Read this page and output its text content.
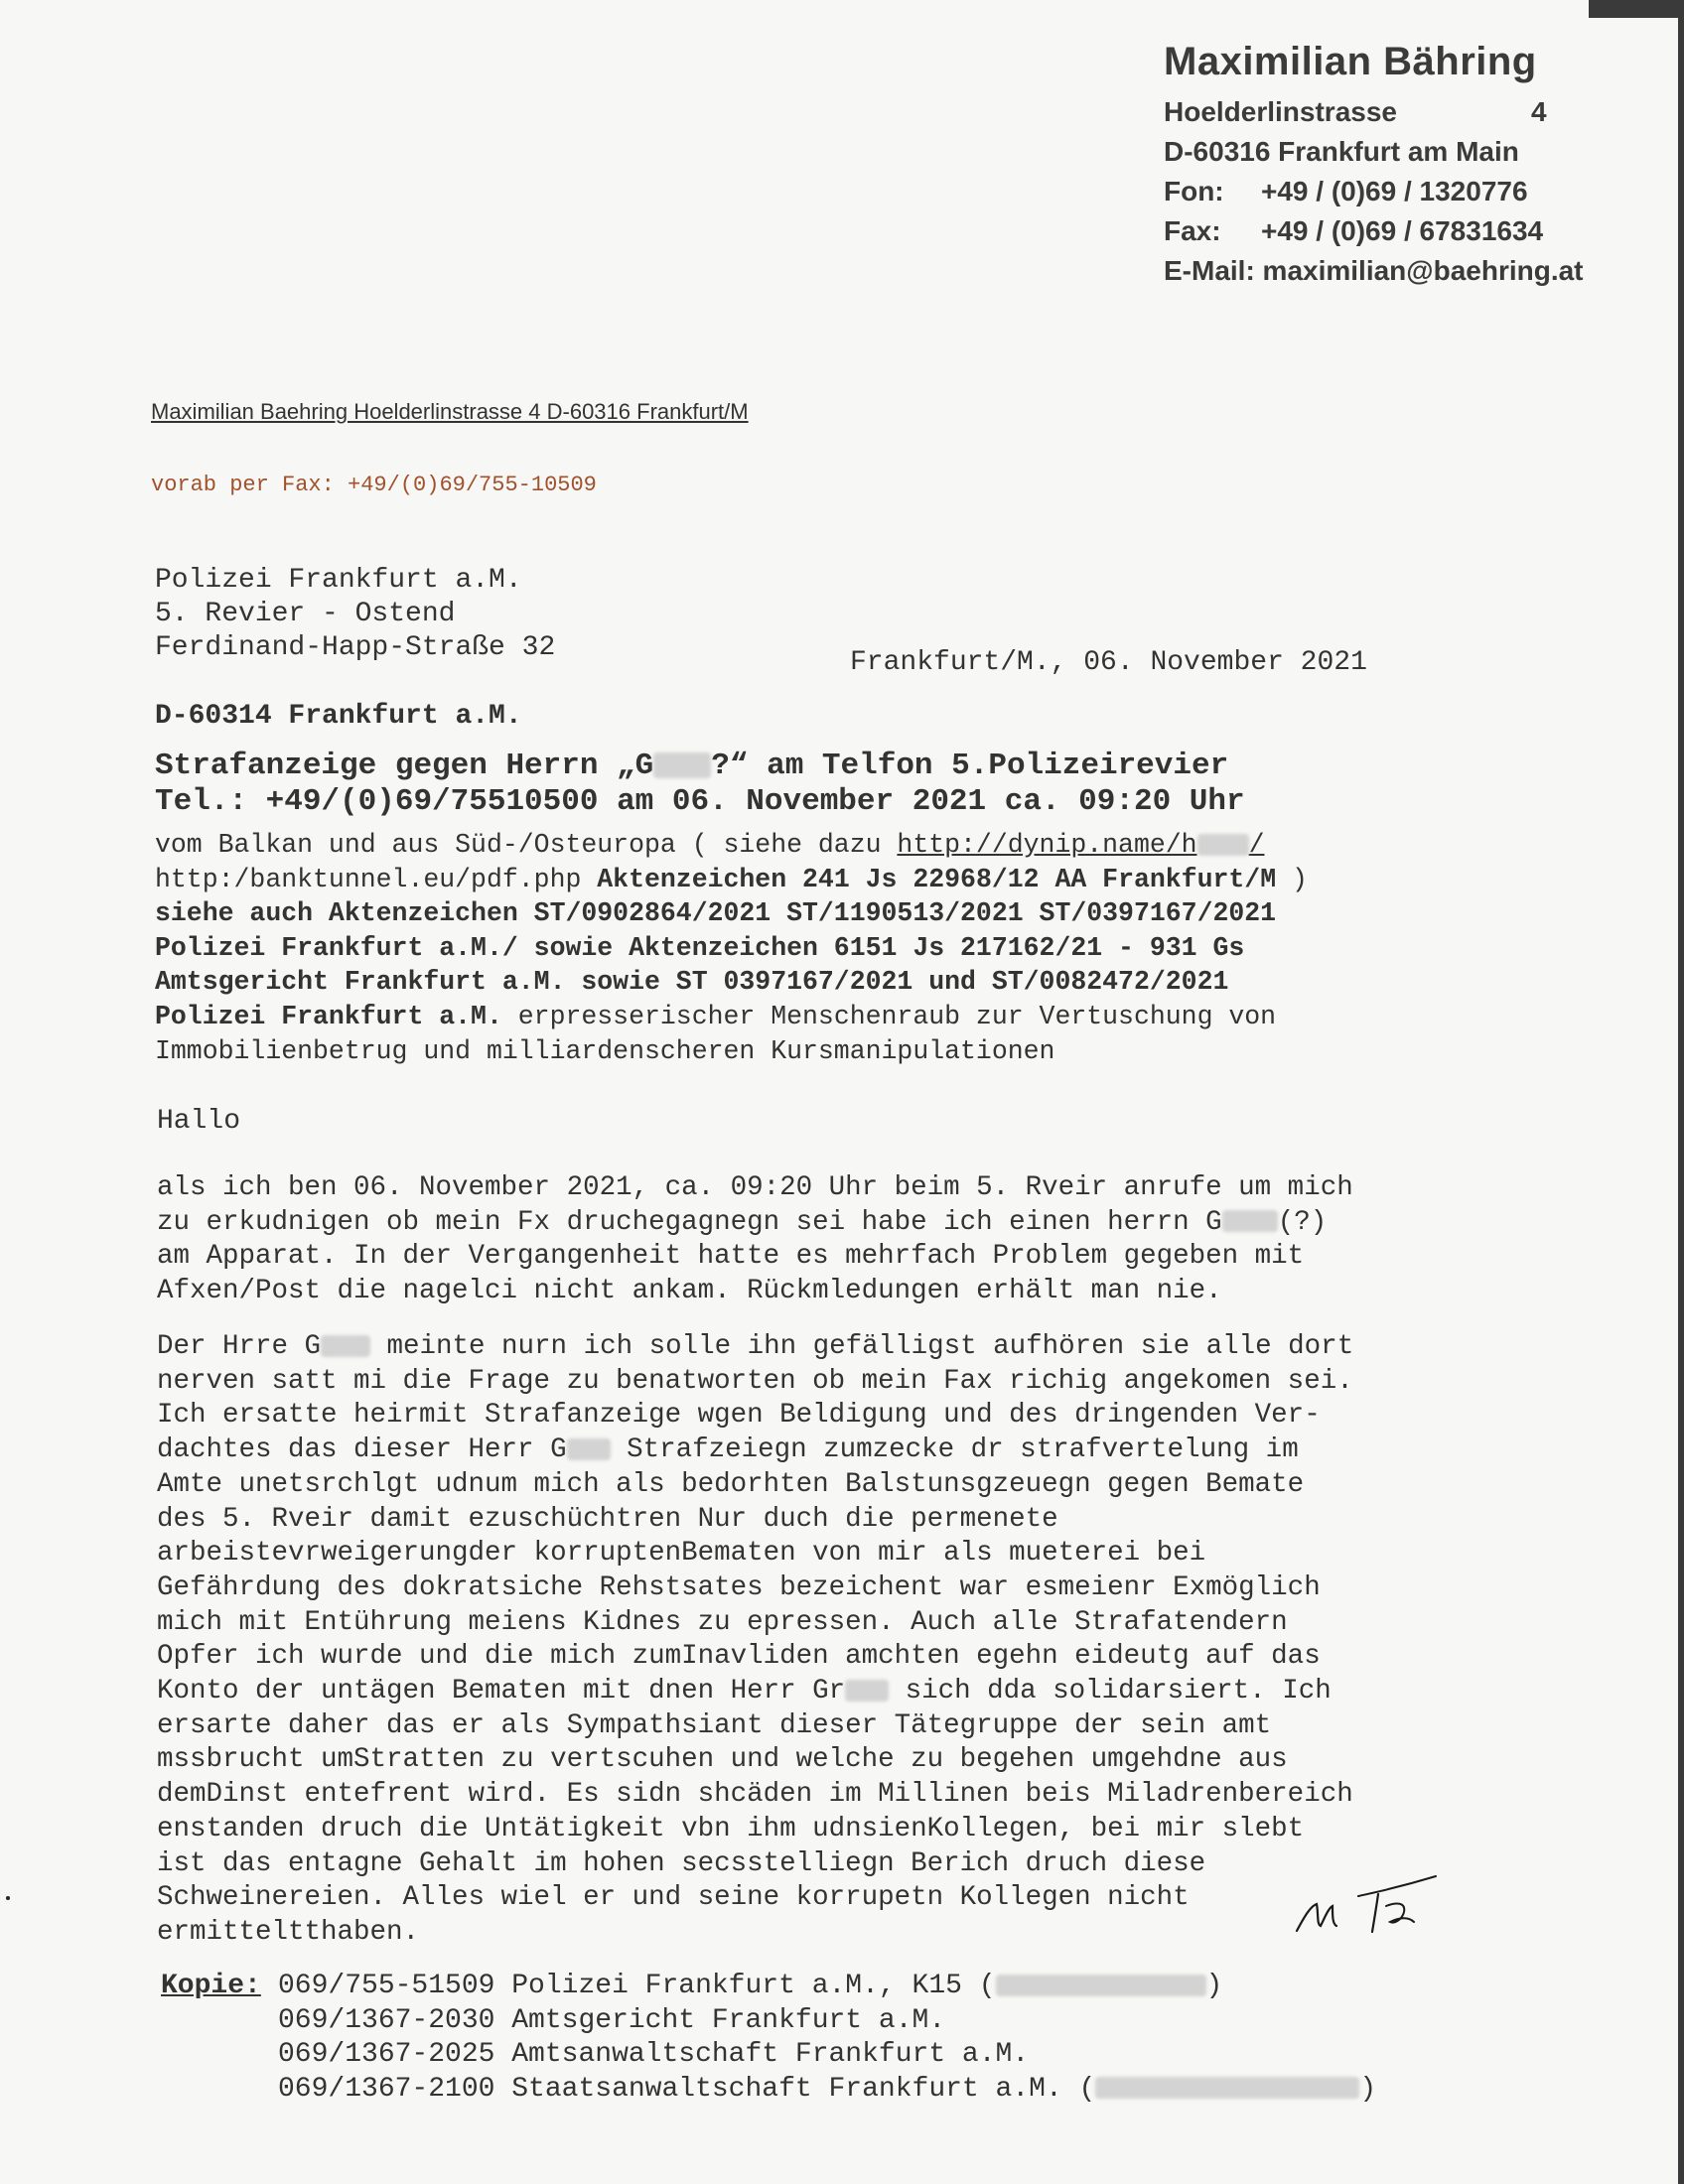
Maximilian Bähring
Hoelderlinstrasse	4
D-60316 Frankfurt am Main
Fon: +49 / (0)69 / 1320776
Fax: +49 / (0)69 / 67831634
E-Mail: maximilian@baehring.at
Maximilian Baehring Hoelderlinstrasse 4 D-60316 Frankfurt/M
vorab per Fax: +49/(0)69/755-10509
Polizei Frankfurt a.M.
5. Revier - Ostend
Ferdinand-Happ-Straße 32
D-60314 Frankfurt a.M.
Frankfurt/M., 06. November 2021
Strafanzeige gegen Herrn „G ?“ am Telfon 5.Polizeirevier
Tel.: +49/(0)69/75510500 am 06. November 2021 ca. 09:20 Uhr
vom Balkan und aus Süd-/Osteuropa ( siehe dazu http://dynip.name/h /
http:/banktunnel.eu/pdf.php Aktenzeichen 241 Js 22968/12 AA Frankfurt/M )
siehe auch Aktenzeichen ST/0902864/2021 ST/1190513/2021 ST/0397167/2021
Polizei Frankfurt a.M./ sowie Aktenzeichen 6151 Js 217162/21 - 931 Gs
Amtsgericht Frankfurt a.M. sowie ST 0397167/2021 und ST/0082472/2021
Polizei Frankfurt a.M. erpresserischer Menschenraub zur Vertuschung von
Immobilienbetrug und milliardenscheren Kursmanipulationen
Hallo
als ich ben 06. November 2021, ca. 09:20 Uhr beim 5. Rveir anrufe um mich
zu erkudnigen ob mein Fx druchegagnegn sei habe ich einen herrn G (?)
am Apparat. In der Vergangenheit hatte es mehrfach Problem gegeben mit
Afxen/Post die nagelci nicht ankam. Rückmledungen erhält man nie.
Der Hrre G meinte nurn ich solle ihn gefälligst aufhören sie alle dort
nerven satt mi die Frage zu benatworten ob mein Fax richig angekomen sei.
Ich ersatte heirmit Strafanzeige wgen Beldigung und des dringenden Ver-
dachtes das dieser Herr G Strafzeiegn zumzecke dr strafvertelung im
Amte unetsrchlgt udnum mich als bedorhten Balstunsgzeuegn gegen Bemate
des 5. Rveir damit ezuschüchtren Nur duch die permenete
arbeistevrweigerungder korruptenBematen von mir als mueterei bei
Gefährdung des dokratsiche Rehstsates bezeichent war esmeienr Exmöglich
mich mit Entührung meiens Kidnes zu epressen. Auch alle Strafatendern
Opfer ich wurde und die mich zumInavliden amchten egehn eideutg auf das
Konto der untägen Bematen mit dnen Herr Gr sich dda solidarsiert. Ich
ersarte daher das er als Sympathsiant dieser Tätegruppe der sein amt
mssbrucht umStratten zu vertscuhen und welche zu begehen umgehdne aus
demDinst entefrent wird. Es sidn shcäden im Millinen beis Miladrenbereich
enstanden druch die Untätigkeit vbn ihm udnsienKollegen, bei mir slebt
ist das entagne Gehalt im hohen secsstelliegn Berich druch diese
Schweinereien. Alles wiel er und seine korrupetn Kollegen nicht
ermitteltthaben.
Kopie: 069/755-51509 Polizei Frankfurt a.M., K15 (	)
069/1367-2030 Amtsgericht Frankfurt a.M.
069/1367-2025 Amtsanwaltschaft Frankfurt a.M.
069/1367-2100 Staatsanwaltschaft Frankfurt a.M. (	)
